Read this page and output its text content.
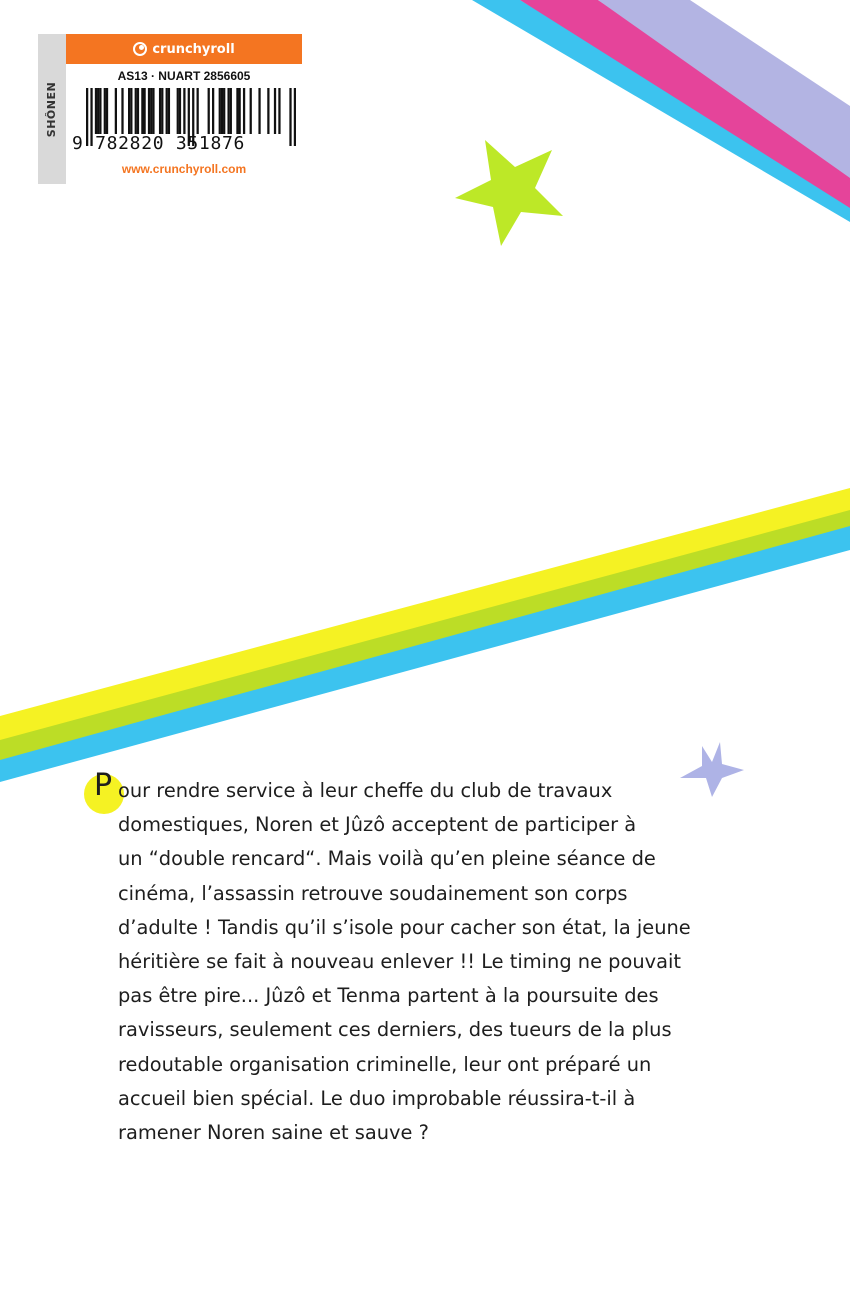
SHÔNEN
crunchyroll
AS13 · NUART 2856605
9 782820 351876
www.crunchyroll.com
P our rendre service à leur cheffe du club de travaux
domestiques, Noren et Jûzô acceptent de participer à
un “double rencard“. Mais voilà qu’en pleine séance de
cinéma, l’assassin retrouve soudainement son corps
d’adulte ! Tandis qu’il s’isole pour cacher son état, la jeune
héritière se fait à nouveau enlever !! Le timing ne pouvait
pas être pire... Jûzô et Tenma partent à la poursuite des
ravisseurs, seulement ces derniers, des tueurs de la plus
redoutable organisation criminelle, leur ont préparé un
accueil bien spécial. Le duo improbable réussira-t-il à
ramener Noren saine et sauve ?
